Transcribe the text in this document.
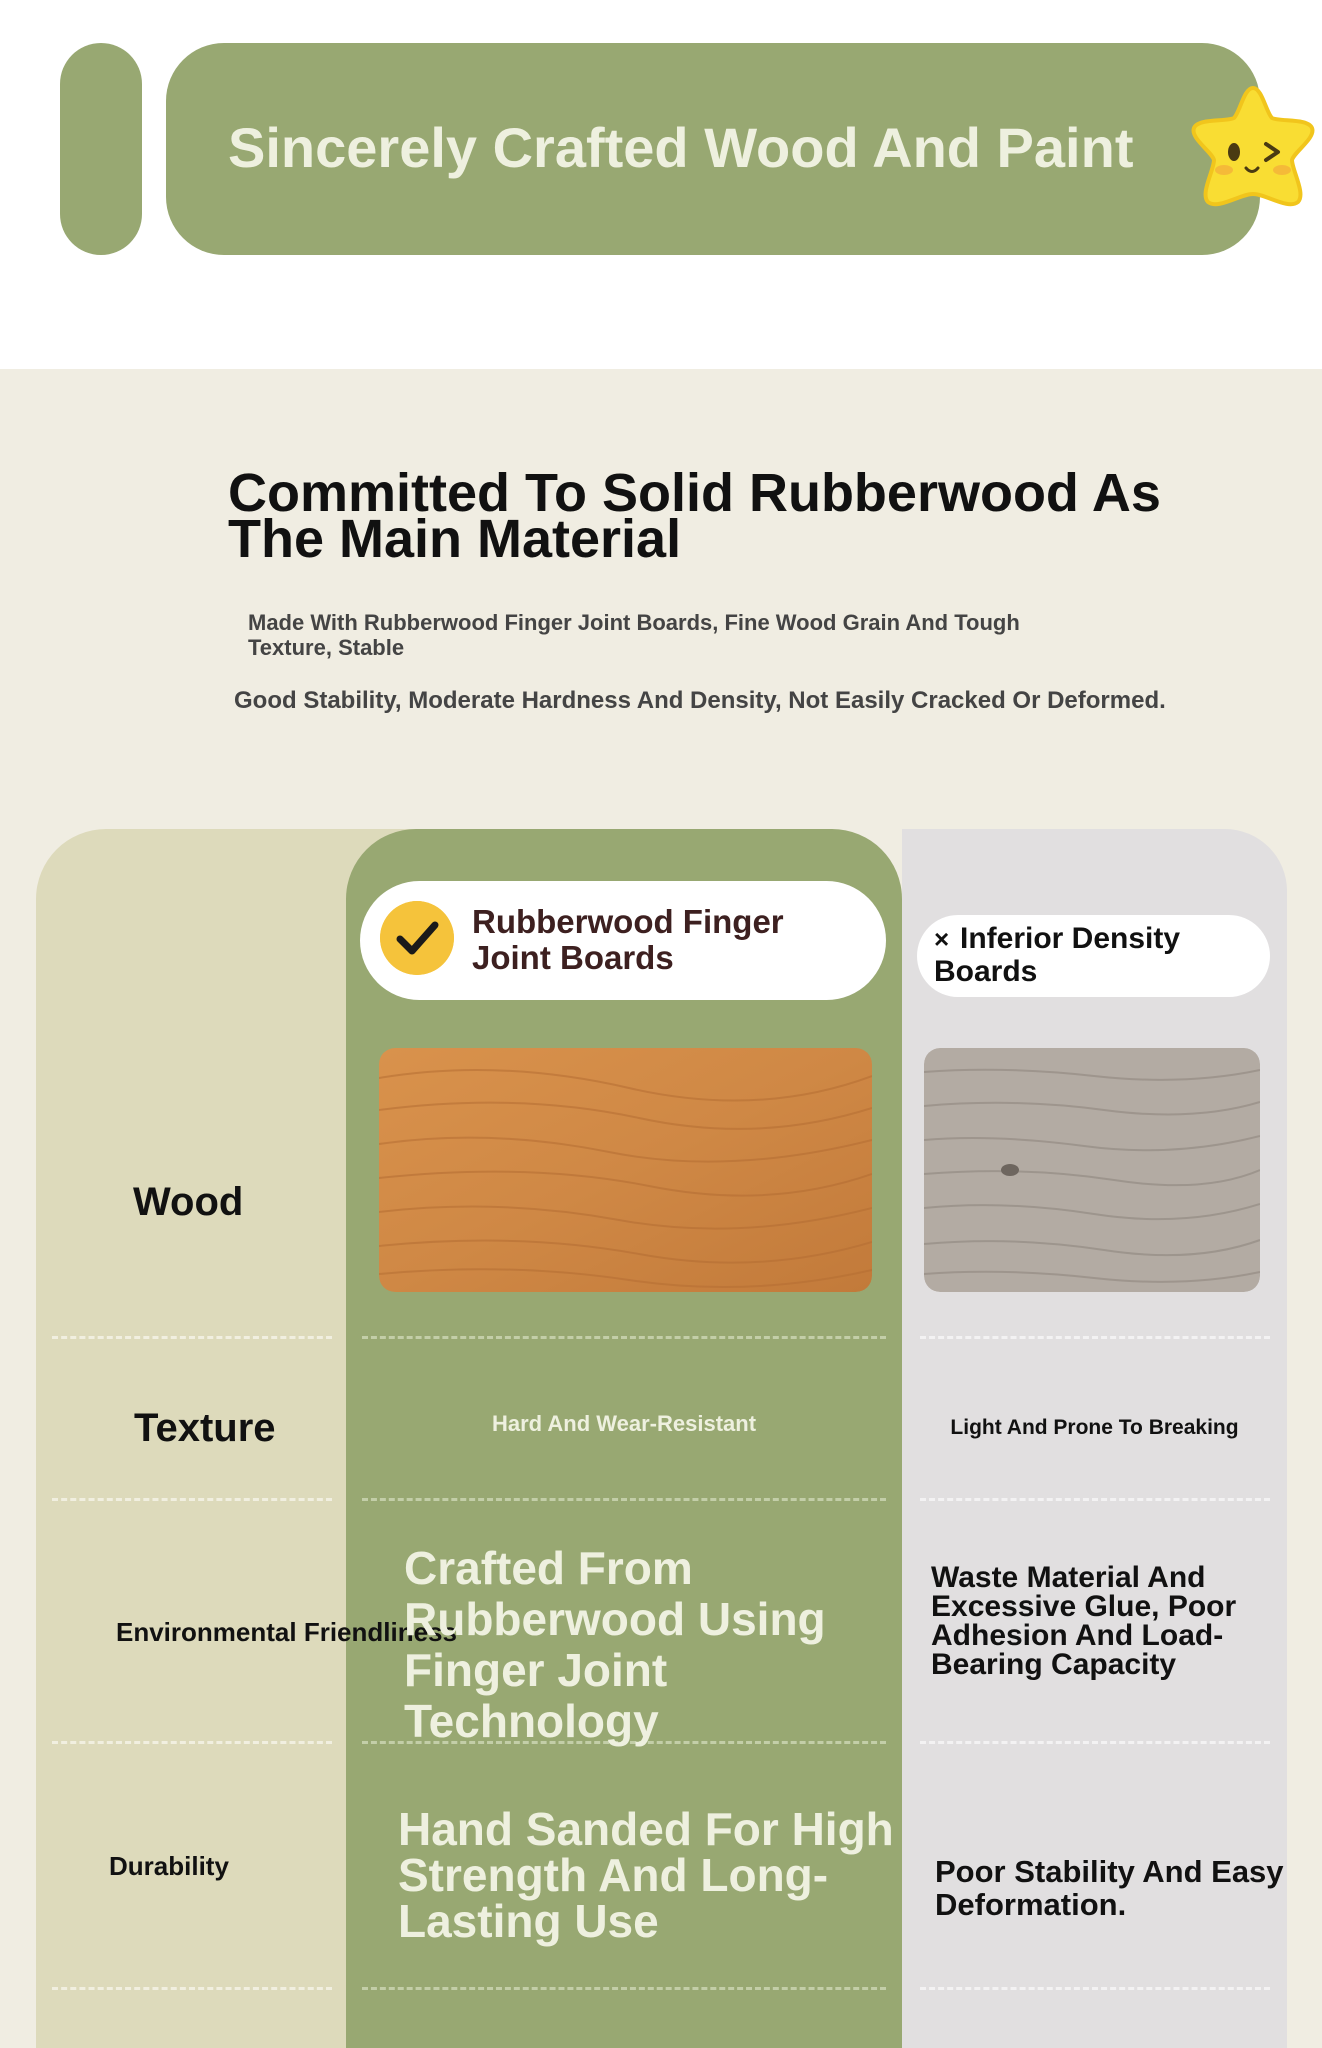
Sincerely Crafted Wood And Paint
Committed To Solid Rubberwood As The Main Material
Made With Rubberwood Finger Joint Boards, Fine Wood Grain And Tough Texture, Stable
Good Stability, Moderate Hardness And Density, Not Easily Cracked Or Deformed.
Rubberwood Finger Joint Boards	× Inferior Density Boards
Wood
Texture
Environmental Friendliness
Durability
Hard And Wear-Resistant
Crafted From Rubberwood Using Finger Joint Technology
Hand Sanded For High Strength And Long-Lasting Use
Light And Prone To Breaking
Waste Material And Excessive Glue, Poor Adhesion And Load-Bearing Capacity
Poor Stability And Easy Deformation.
